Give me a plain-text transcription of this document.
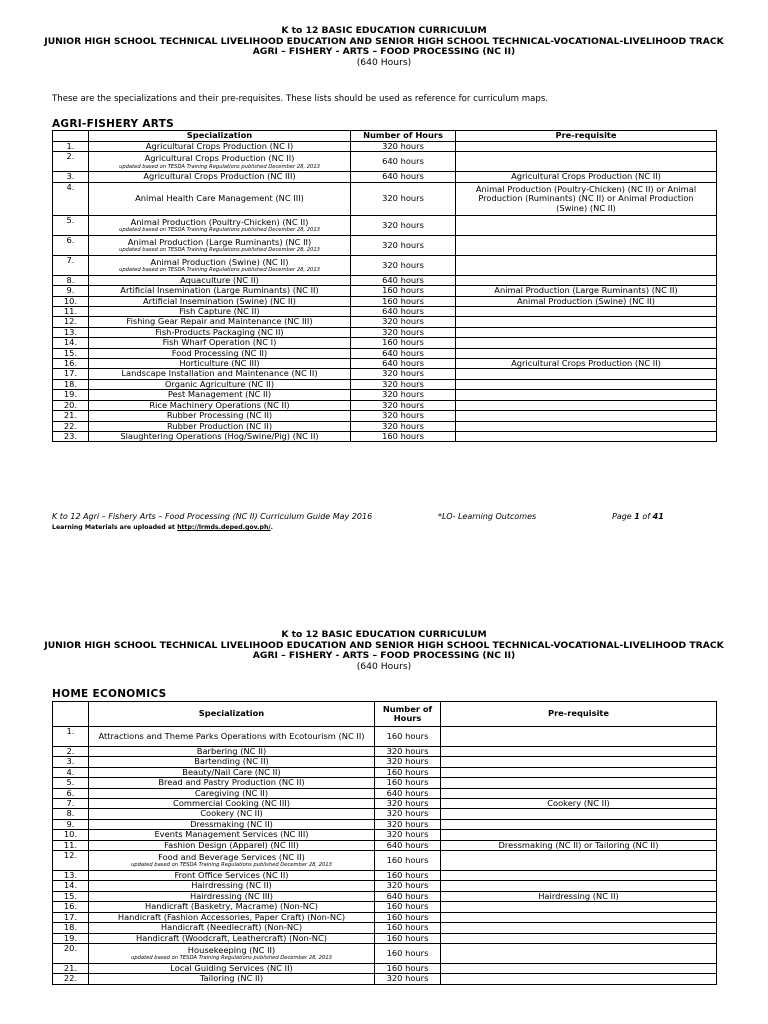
K to 12 BASIC EDUCATION CURRICULUM
JUNIOR HIGH SCHOOL TECHNICAL LIVELIHOOD EDUCATION AND SENIOR HIGH SCHOOL TECHNICAL-VOCATIONAL-LIVELIHOOD TRACK
AGRI – FISHERY - ARTS – FOOD PROCESSING (NC II)
(640 Hours)
These are the specializations and their pre-requisites. These lists should be used as reference for curriculum maps.
AGRI-FISHERY ARTS
	Specialization	Number of Hours	Pre-requisite
1.	Agricultural Crops Production (NC I)	320 hours	
2.	Agricultural Crops Production (NC II)
updated based on TESDA Training Regulations published December 28, 2013	640 hours	
3.	Agricultural Crops Production (NC III)	640 hours	Agricultural Crops Production (NC II)
4.	Animal Health Care Management (NC III)	320 hours	Animal Production (Poultry-Chicken) (NC II) or Animal Production (Ruminants) (NC II) or Animal Production (Swine) (NC II)
5.	Animal Production (Poultry-Chicken) (NC II)
updated based on TESDA Training Regulations published December 28, 2013	320 hours	
6.	Animal Production (Large Ruminants) (NC II)
updated based on TESDA Training Regulations published December 28, 2013	320 hours	
7.	Animal Production (Swine) (NC II)
updated based on TESDA Training Regulations published December 28, 2013	320 hours	
8.	Aquaculture (NC II)	640 hours	
9.	Artificial Insemination (Large Ruminants) (NC II)	160 hours	Animal Production (Large Ruminants) (NC II)
10.	Artificial Insemination (Swine) (NC II)	160 hours	Animal Production (Swine) (NC II)
11.	Fish Capture (NC II)	640 hours	
12.	Fishing Gear Repair and Maintenance (NC III)	320 hours	
13.	Fish-Products Packaging (NC II)	320 hours	
14.	Fish Wharf Operation (NC I)	160 hours	
15.	Food Processing (NC II)	640 hours	
16.	Horticulture (NC III)	640 hours	Agricultural Crops Production (NC II)
17.	Landscape Installation and Maintenance (NC II)	320 hours	
18.	Organic Agriculture (NC II)	320 hours	
19.	Pest Management (NC II)	320 hours	
20.	Rice Machinery Operations (NC II)	320 hours	
21.	Rubber Processing (NC II)	320 hours	
22.	Rubber Production (NC II)	320 hours	
23.	Slaughtering Operations (Hog/Swine/Pig) (NC II)	160 hours	
K to 12 Agri – Fishery Arts – Food Processing (NC II) Curriculum Guide May 2016	*LO- Learning Outcomes	Page 1 of 41
Learning Materials are uploaded at http://lrmds.deped.gov.ph/.
K to 12 BASIC EDUCATION CURRICULUM
JUNIOR HIGH SCHOOL TECHNICAL LIVELIHOOD EDUCATION AND SENIOR HIGH SCHOOL TECHNICAL-VOCATIONAL-LIVELIHOOD TRACK
AGRI – FISHERY - ARTS – FOOD PROCESSING (NC II)
(640 Hours)
HOME ECONOMICS
	Specialization	Number of Hours	Pre-requisite
1.	Attractions and Theme Parks Operations with Ecotourism (NC II)	160 hours	
2.	Barbering (NC II)	320 hours	
3.	Bartending (NC II)	320 hours	
4.	Beauty/Nail Care (NC II)	160 hours	
5.	Bread and Pastry Production (NC II)	160 hours	
6.	Caregiving (NC II)	640 hours	
7.	Commercial Cooking (NC III)	320 hours	Cookery (NC II)
8.	Cookery (NC II)	320 hours	
9.	Dressmaking (NC II)	320 hours	
10.	Events Management Services (NC III)	320 hours	
11.	Fashion Design (Apparel) (NC III)	640 hours	Dressmaking (NC II) or Tailoring (NC II)
12.	Food and Beverage Services (NC II)
updated based on TESDA Training Regulations published December 28, 2013	160 hours	
13.	Front Office Services (NC II)	160 hours	
14.	Hairdressing (NC II)	320 hours	
15.	Hairdressing (NC III)	640 hours	Hairdressing (NC II)
16.	Handicraft (Basketry, Macrame) (Non-NC)	160 hours	
17.	Handicraft (Fashion Accessories, Paper Craft) (Non-NC)	160 hours	
18.	Handicraft (Needlecraft) (Non-NC)	160 hours	
19.	Handicraft (Woodcraft, Leathercraft) (Non-NC)	160 hours	
20.	Housekeeping (NC II)
updated based on TESDA Training Regulations published December 28, 2013	160 hours	
21.	Local Guiding Services (NC II)	160 hours	
22.	Tailoring (NC II)	320 hours	
